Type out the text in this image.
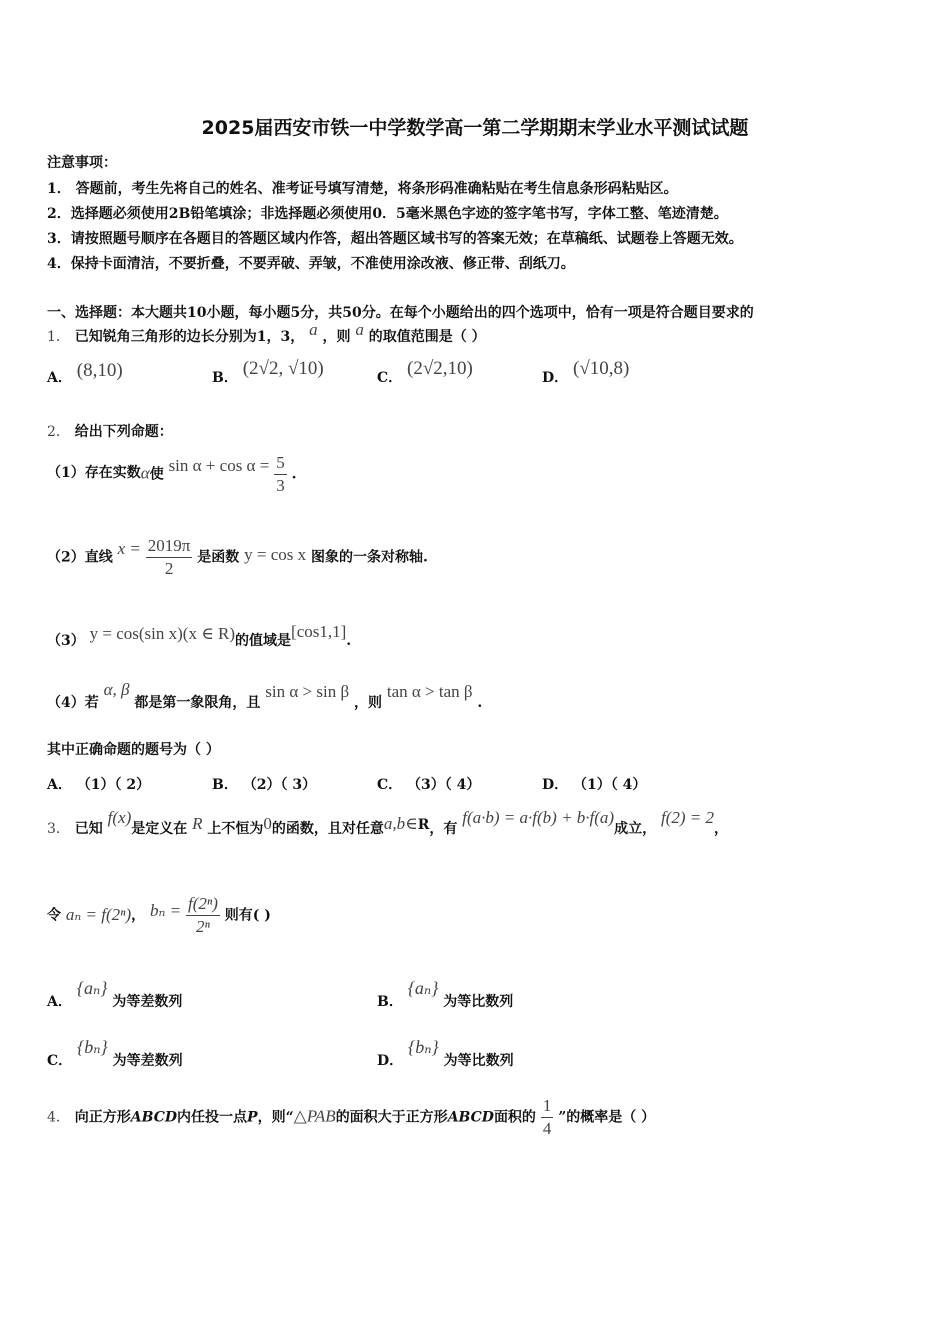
2025届西安市铁一中学数学高一第二学期期末学业水平测试试题
注意事项：
1． 答题前，考生先将自己的姓名、准考证号填写清楚，将条形码准确粘贴在考生信息条形码粘贴区。
2．选择题必须使用2B铅笔填涂；非选择题必须使用0．5毫米黑色字迹的签字笔书写，字体工整、笔迹清楚。
3．请按照题号顺序在各题目的答题区域内作答，超出答题区域书写的答案无效；在草稿纸、试题卷上答题无效。
4．保持卡面清洁，不要折叠，不要弄破、弄皱，不准使用涂改液、修正带、刮纸刀。
一、选择题：本大题共10小题，每小题5分，共50分。在每个小题给出的四个选项中，恰有一项是符合题目要求的
1． 已知锐角三角形的边长分别为1，3， a ，则 a 的取值范围是（ ）
A． (8,10)	B． (2√2, √10)	C． (2√2,10)	D． (√10,8)
2． 给出下列命题：
（1）存在实数α使 $\sin \alpha + \cos \alpha = \frac{5}{3}$ .
（2）直线 $x = \frac{2019\pi}{2}$ 是函数 y = cos x 图象的一条对称轴.
（3） y = cos(sin x)(x ∈ R)的值域是[cos1,1].
（4）若 α, β 都是第一象限角，且 sin α > sin β ，则 tan α > tan β .
其中正确命题的题号为（ ）
A． （1）（ 2）	B． （2）（ 3）	C． （3）（ 4）	D． （1）（ 4）
3． 已知 f(x)是定义在 R 上不恒为0的函数，且对任意a,b∈R，有 f(a·b) = a·f(b) + b·f(a)成立， f(2) = 2，
令 aₙ = f(2ⁿ)， $b_n = \frac{\text{f(2ⁿ)}}{\text{2ⁿ}}$ 则有( )
A． {aₙ} 为等差数列	B． {aₙ} 为等比数列
C． {bₙ} 为等差数列	D． {bₙ} 为等比数列
4． 向正方形ABCD内任投一点P，则“△PAB的面积大于正方形ABCD面积的 $\frac{1}{4}$ ”的概率是（ ）
